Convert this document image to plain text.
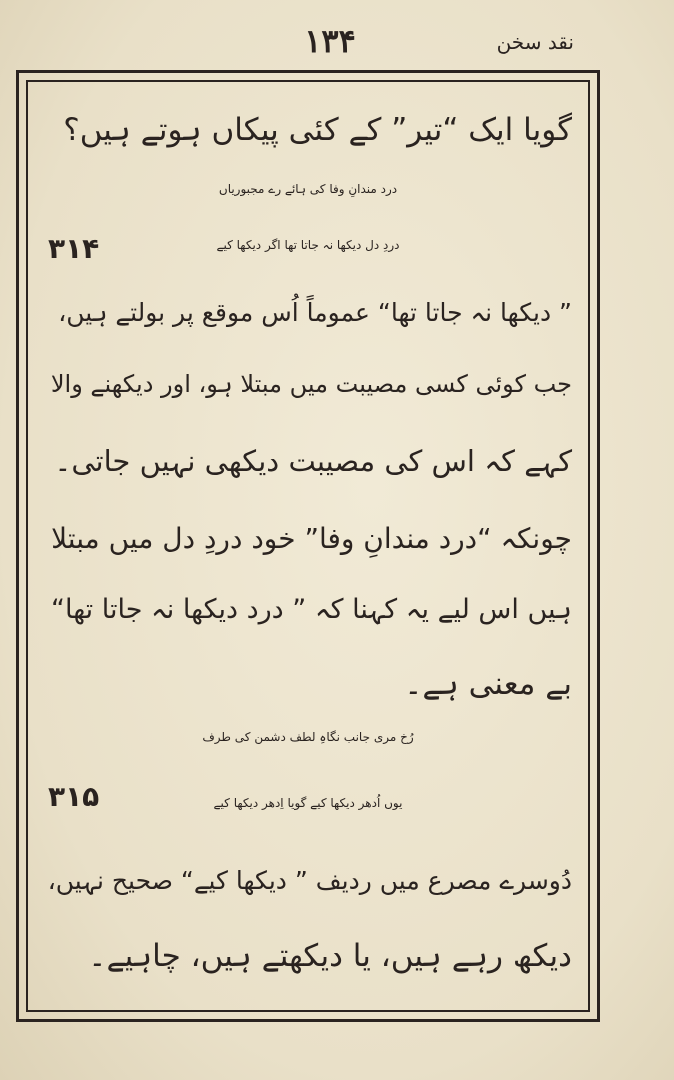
نقد سخن
۱۳۴
گویا ایک “تیر” کے کئی پیکاں ہوتے ہیں؟
درد مندانِ وفا کی ہائے رے مجبوریاں
۳۱۴	دردِ دل دیکھا نہ جاتا تھا اگر دیکھا کیے
” دیکھا نہ جاتا تھا“ عموماً اُس موقع پر بولتے ہیں،
جب کوئی کسی مصیبت میں مبتلا ہو، اور دیکھنے والا
کہے کہ اس کی مصیبت دیکھی نہیں جاتی۔
چونکہ “درد مندانِ وفا” خود دردِ دل میں مبتلا
ہیں اس لیے یہ کہنا کہ ” درد دیکھا نہ جاتا تھا“
بے معنی ہے۔
رُخ مری جانب نگاہِ لطف دشمن کی طرف
۳۱۵	یوں اُدھر دیکھا کیے گویا اِدھر دیکھا کیے
دُوسرے مصرع میں ردیف ” دیکھا کیے“ صحیح نہیں،
دیکھ رہے ہیں، یا دیکھتے ہیں، چاہیے۔
